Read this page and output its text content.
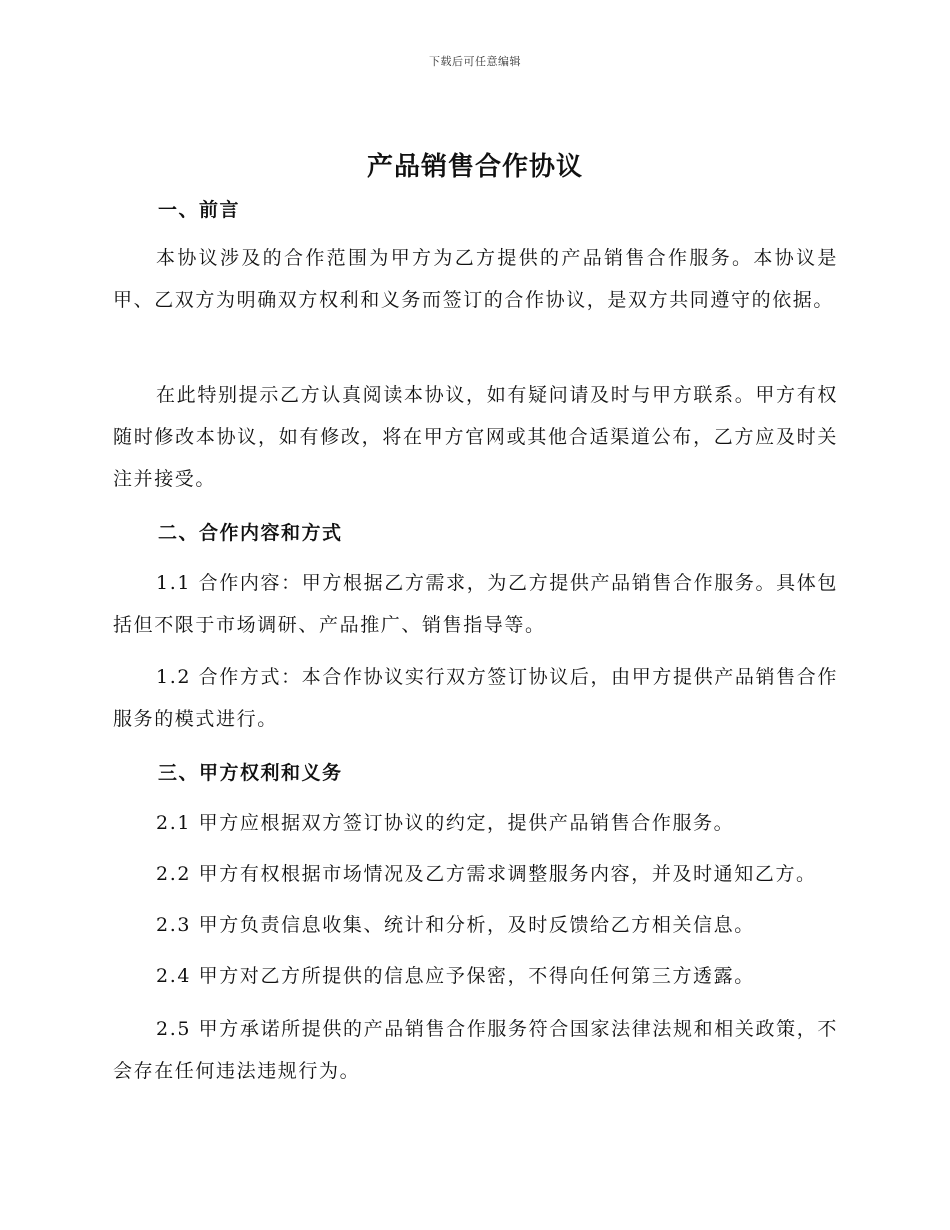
下载后可任意编辑
产品销售合作协议
一、前言
本协议涉及的合作范围为甲方为乙方提供的产品销售合作服务。本协议是甲、乙双方为明确双方权利和义务而签订的合作协议，是双方共同遵守的依据。
在此特别提示乙方认真阅读本协议，如有疑问请及时与甲方联系。甲方有权随时修改本协议，如有修改，将在甲方官网或其他合适渠道公布，乙方应及时关注并接受。
二、合作内容和方式
1.1 合作内容：甲方根据乙方需求，为乙方提供产品销售合作服务。具体包括但不限于市场调研、产品推广、销售指导等。
1.2 合作方式：本合作协议实行双方签订协议后，由甲方提供产品销售合作服务的模式进行。
三、甲方权利和义务
2.1 甲方应根据双方签订协议的约定，提供产品销售合作服务。
2.2 甲方有权根据市场情况及乙方需求调整服务内容，并及时通知乙方。
2.3 甲方负责信息收集、统计和分析，及时反馈给乙方相关信息。
2.4 甲方对乙方所提供的信息应予保密，不得向任何第三方透露。
2.5 甲方承诺所提供的产品销售合作服务符合国家法律法规和相关政策，不会存在任何违法违规行为。
